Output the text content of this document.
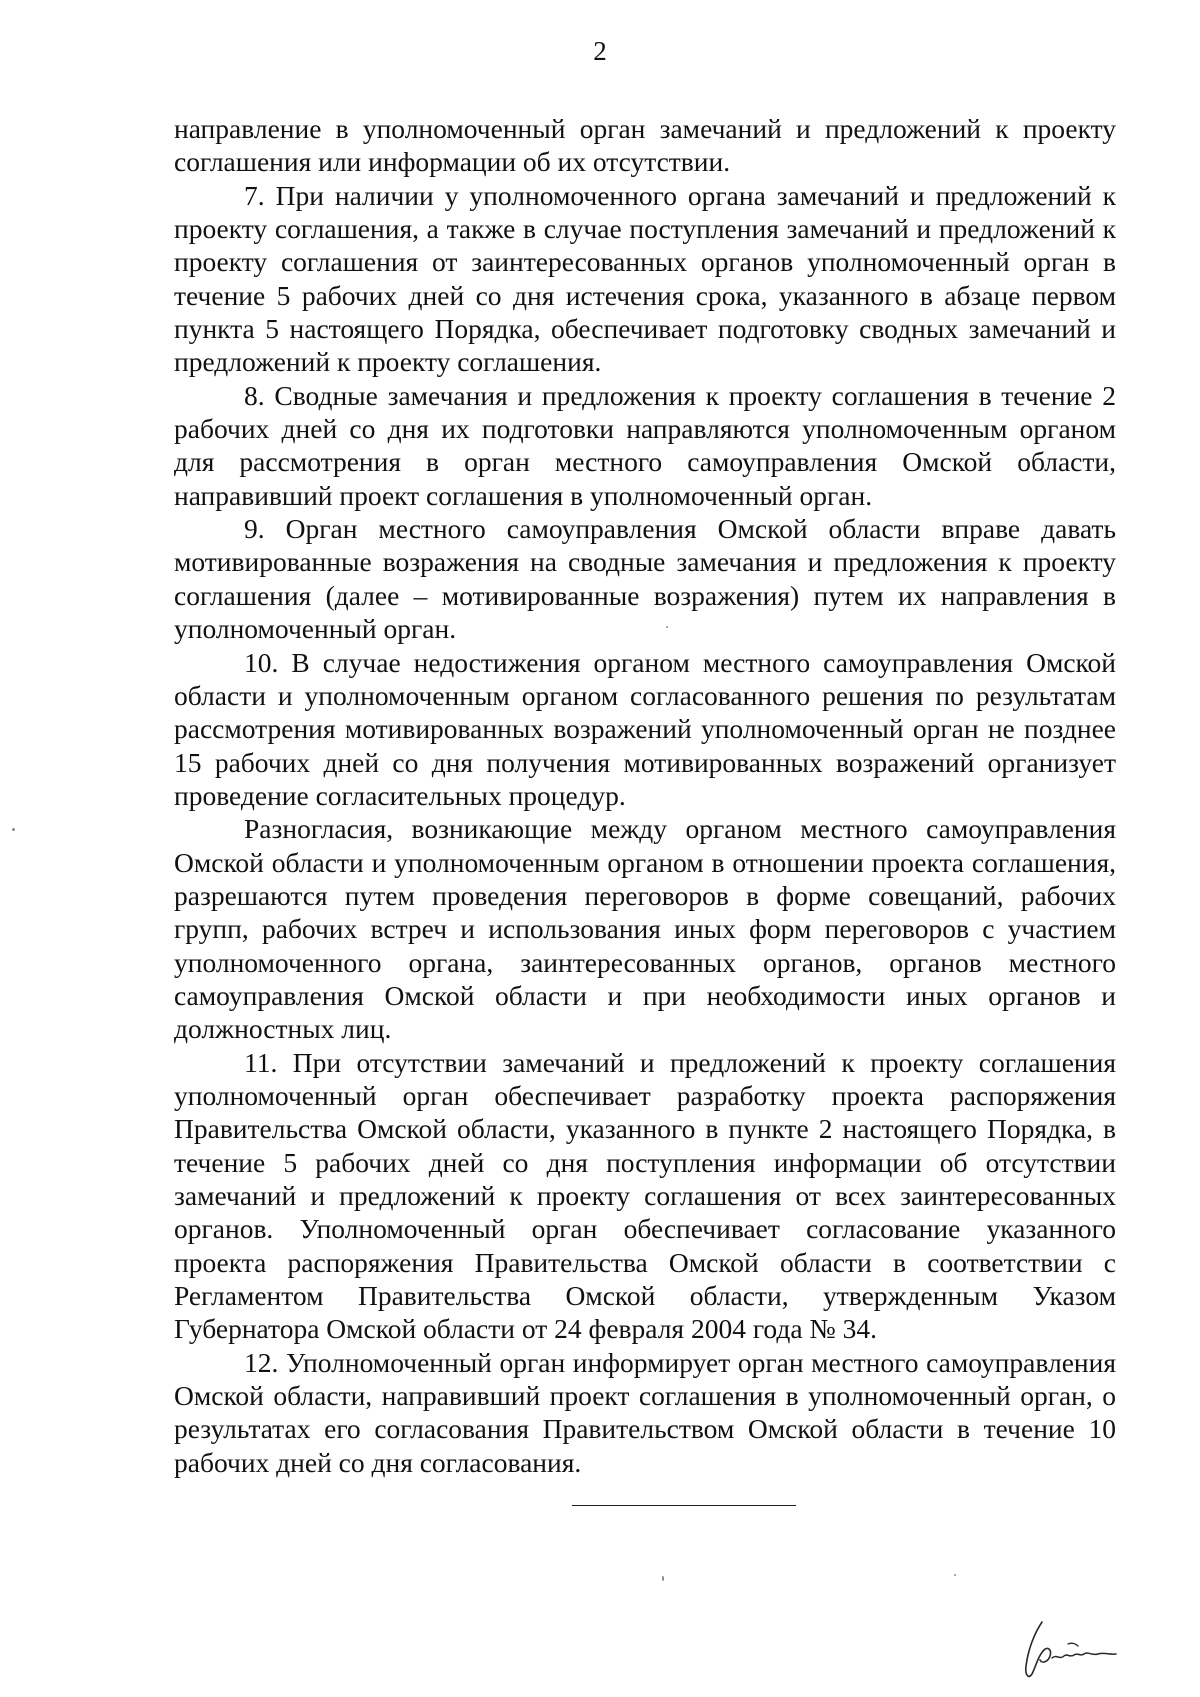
2

направление в уполномоченный орган замечаний и предложений к проекту соглашения или информации об их отсутствии.

7. При наличии у уполномоченного органа замечаний и предложений к проекту соглашения, а также в случае поступления замечаний и предложений к проекту соглашения от заинтересованных органов уполномоченный орган в течение 5 рабочих дней со дня истечения срока, указанного в абзаце первом пункта 5 настоящего Порядка, обеспечивает подготовку сводных замечаний и предложений к проекту соглашения.

8. Сводные замечания и предложения к проекту соглашения в течение 2 рабочих дней со дня их подготовки направляются уполномоченным органом для рассмотрения в орган местного самоуправления Омской области, направивший проект соглашения в уполномоченный орган.

9. Орган местного самоуправления Омской области вправе давать мотивированные возражения на сводные замечания и предложения к проекту соглашения (далее – мотивированные возражения) путем их направления в уполномоченный орган.

10. В случае недостижения органом местного самоуправления Омской области и уполномоченным органом согласованного решения по результатам рассмотрения мотивированных возражений уполномоченный орган не позднее 15 рабочих дней со дня получения мотивированных возражений организует проведение согласительных процедур.

Разногласия, возникающие между органом местного самоуправления Омской области и уполномоченным органом в отношении проекта соглашения, разрешаются путем проведения переговоров в форме совещаний, рабочих групп, рабочих встреч и использования иных форм переговоров с участием уполномоченного органа, заинтересованных органов, органов местного самоуправления Омской области и при необходимости иных органов и должностных лиц.

11. При отсутствии замечаний и предложений к проекту соглашения уполномоченный орган обеспечивает разработку проекта распоряжения Правительства Омской области, указанного в пункте 2 настоящего Порядка, в течение 5 рабочих дней со дня поступления информации об отсутствии замечаний и предложений к проекту соглашения от всех заинтересованных органов. Уполномоченный орган обеспечивает согласование указанного проекта распоряжения Правительства Омской области в соответствии с Регламентом Правительства Омской области, утвержденным Указом Губернатора Омской области от 24 февраля 2004 года № 34.

12. Уполномоченный орган информирует орган местного самоуправления Омской области, направивший проект соглашения в уполномоченный орган, о результатах его согласования Правительством Омской области в течение 10 рабочих дней со дня согласования.
